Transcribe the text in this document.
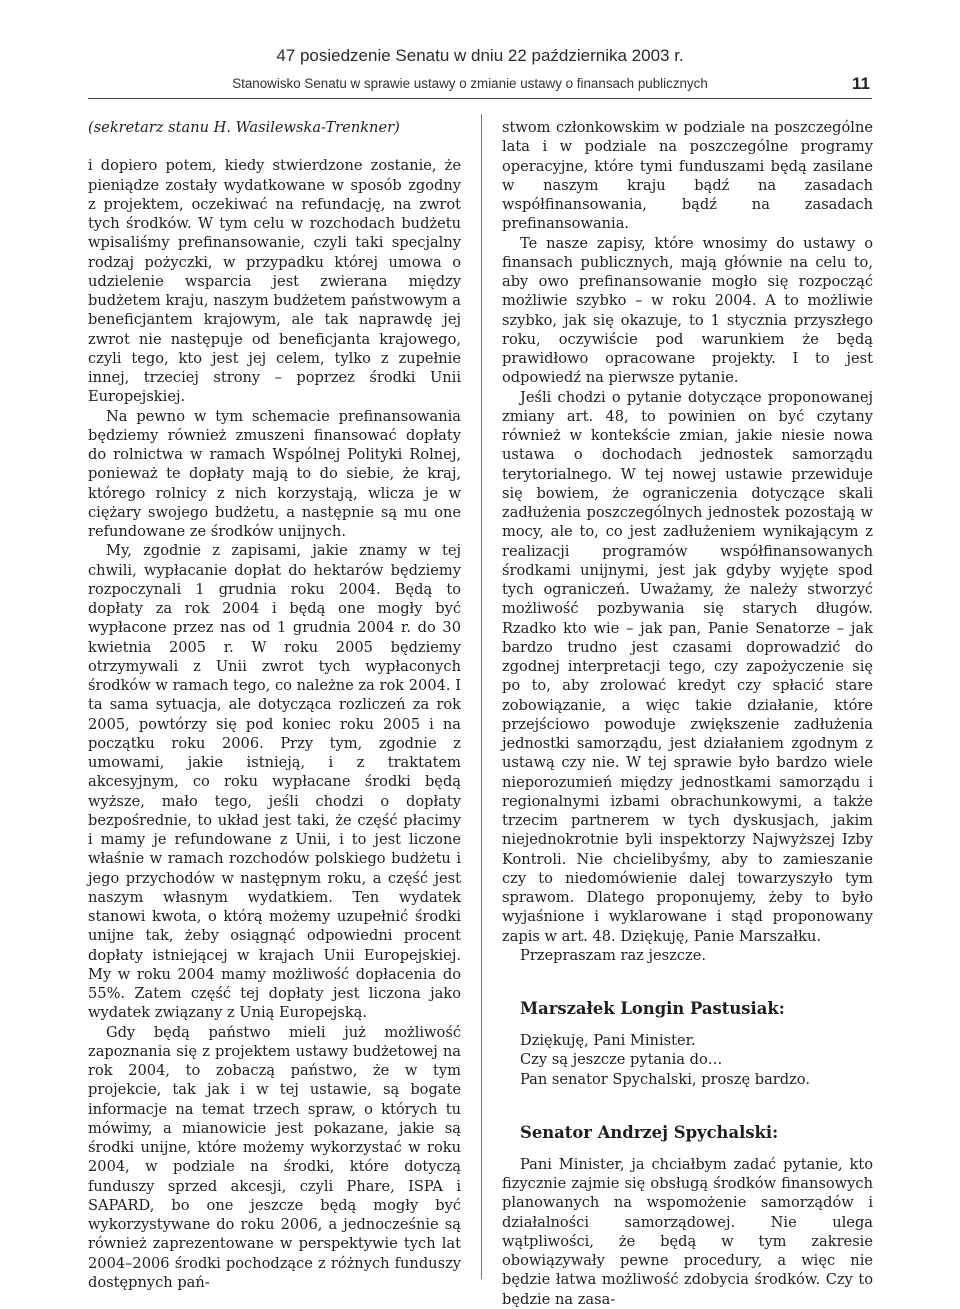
47 posiedzenie Senatu w dniu 22 października 2003 r.
Stanowisko Senatu w sprawie ustawy o zmianie ustawy o finansach publicznych	11

(sekretarz stanu H. Wasilewska-Trenkner)

i dopiero potem, kiedy stwierdzone zostanie, że pieniądze zostały wydatkowane w sposób zgodny z projektem, oczekiwać na refundację, na zwrot tych środków. W tym celu w rozchodach budżetu wpisaliśmy prefinansowanie, czyli taki specjalny rodzaj pożyczki, w przypadku której umowa o udzielenie wsparcia jest zwierana między budżetem kraju, naszym budżetem państwowym a beneficjantem krajowym, ale tak naprawdę jej zwrot nie następuje od beneficjanta krajowego, czyli tego, kto jest jej celem, tylko z zupełnie innej, trzeciej strony – poprzez środki Unii Europejskiej.

Na pewno w tym schemacie prefinansowania będziemy również zmuszeni finansować dopłaty do rolnictwa w ramach Wspólnej Polityki Rolnej, ponieważ te dopłaty mają to do siebie, że kraj, którego rolnicy z nich korzystają, wlicza je w ciężary swojego budżetu, a następnie są mu one refundowane ze środków unijnych.

My, zgodnie z zapisami, jakie znamy w tej chwili, wypłacanie dopłat do hektarów będziemy rozpoczynali 1 grudnia roku 2004. Będą to dopłaty za rok 2004 i będą one mogły być wypłacone przez nas od 1 grudnia 2004 r. do 30 kwietnia 2005 r. W roku 2005 będziemy otrzymywali z Unii zwrot tych wypłaconych środków w ramach tego, co należne za rok 2004. I ta sama sytuacja, ale dotycząca rozliczeń za rok 2005, powtórzy się pod koniec roku 2005 i na początku roku 2006. Przy tym, zgodnie z umowami, jakie istnieją, i z traktatem akcesyjnym, co roku wypłacane środki będą wyższe, mało tego, jeśli chodzi o dopłaty bezpośrednie, to układ jest taki, że część płacimy i mamy je refundowane z Unii, i to jest liczone właśnie w ramach rozchodów polskiego budżetu i jego przychodów w następnym roku, a część jest naszym własnym wydatkiem. Ten wydatek stanowi kwota, o którą możemy uzupełnić środki unijne tak, żeby osiągnąć odpowiedni procent dopłaty istniejącej w krajach Unii Europejskiej. My w roku 2004 mamy możliwość dopłacenia do 55%. Zatem część tej dopłaty jest liczona jako wydatek związany z Unią Europejską.

Gdy będą państwo mieli już możliwość zapoznania się z projektem ustawy budżetowej na rok 2004, to zobaczą państwo, że w tym projekcie, tak jak i w tej ustawie, są bogate informacje na temat trzech spraw, o których tu mówimy, a mianowicie jest pokazane, jakie są środki unijne, które możemy wykorzystać w roku 2004, w podziale na środki, które dotyczą funduszy sprzed akcesji, czyli Phare, ISPA i SAPARD, bo one jeszcze będą mogły być wykorzystywane do roku 2006, a jednocześnie są również zaprezentowane w perspektywie tych lat 2004–2006 środki pochodzące z różnych funduszy dostępnych pań-

stwom członkowskim w podziale na poszczególne lata i w podziale na poszczególne programy operacyjne, które tymi funduszami będą zasilane w naszym kraju bądź na zasadach współfinansowania, bądź na zasadach prefinansowania.

Te nasze zapisy, które wnosimy do ustawy o finansach publicznych, mają głównie na celu to, aby owo prefinansowanie mogło się rozpocząć możliwie szybko – w roku 2004. A to możliwie szybko, jak się okazuje, to 1 stycznia przyszłego roku, oczywiście pod warunkiem że będą prawidłowo opracowane projekty. I to jest odpowiedź na pierwsze pytanie.

Jeśli chodzi o pytanie dotyczące proponowanej zmiany art. 48, to powinien on być czytany również w kontekście zmian, jakie niesie nowa ustawa o dochodach jednostek samorządu terytorialnego. W tej nowej ustawie przewiduje się bowiem, że ograniczenia dotyczące skali zadłużenia poszczególnych jednostek pozostają w mocy, ale to, co jest zadłużeniem wynikającym z realizacji programów współfinansowanych środkami unijnymi, jest jak gdyby wyjęte spod tych ograniczeń. Uważamy, że należy stworzyć możliwość pozbywania się starych długów. Rzadko kto wie – jak pan, Panie Senatorze – jak bardzo trudno jest czasami doprowadzić do zgodnej interpretacji tego, czy zapożyczenie się po to, aby zrolować kredyt czy spłacić stare zobowiązanie, a więc takie działanie, które przejściowo powoduje zwiększenie zadłużenia jednostki samorządu, jest działaniem zgodnym z ustawą czy nie. W tej sprawie było bardzo wiele nieporozumień między jednostkami samorządu i regionalnymi izbami obrachunkowymi, a także trzecim partnerem w tych dyskusjach, jakim niejednokrotnie byli inspektorzy Najwyższej Izby Kontroli. Nie chcielibyśmy, aby to zamieszanie czy to niedomówienie dalej towarzyszyło tym sprawom. Dlatego proponujemy, żeby to było wyjaśnione i wyklarowane i stąd proponowany zapis w art. 48. Dziękuję, Panie Marszałku.

Przepraszam raz jeszcze.

Marszałek Longin Pastusiak:
Dziękuję, Pani Minister.
Czy są jeszcze pytania do…
Pan senator Spychalski, proszę bardzo.
Senator Andrzej Spychalski:

Pani Minister, ja chciałbym zadać pytanie, kto fizycznie zajmie się obsługą środków finansowych planowanych na wspomożenie samorządów i działalności samorządowej. Nie ulega wątpliwości, że będą w tym zakresie obowiązywały pewne procedury, a więc nie będzie łatwa możliwość zdobycia środków. Czy to będzie na zasa-
